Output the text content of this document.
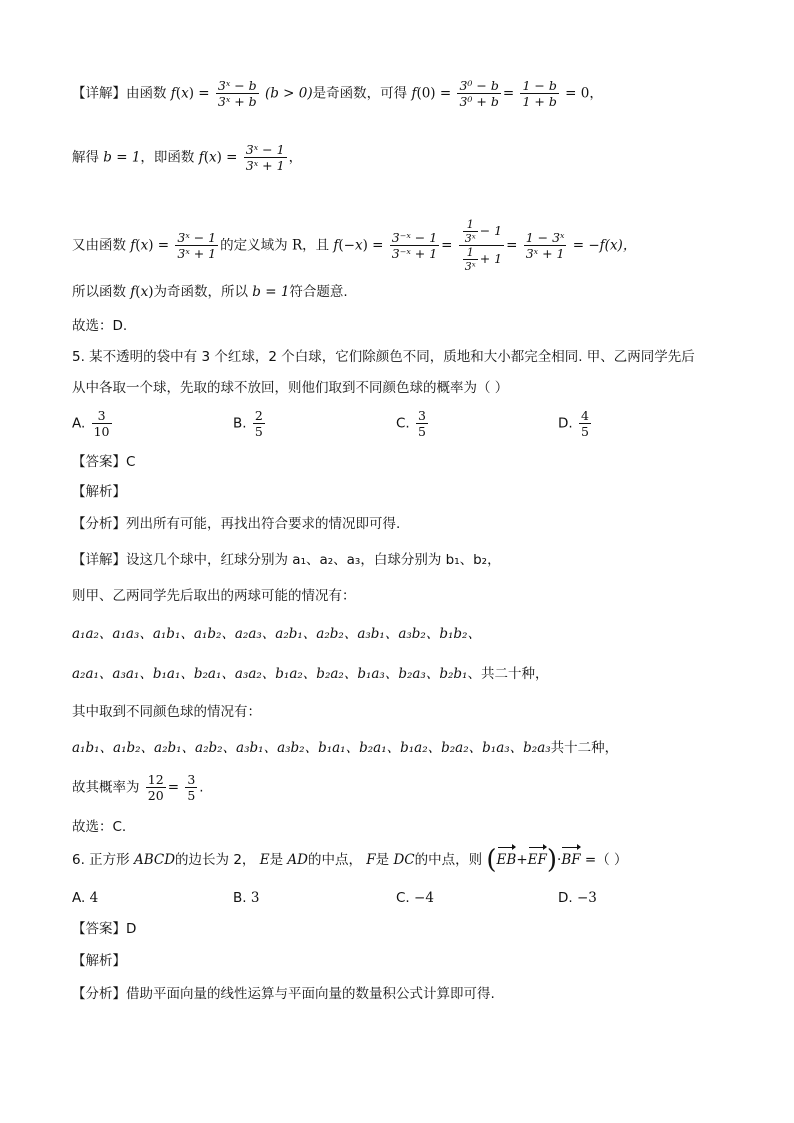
【详解】由函数 $f(x) = \frac{\text{3ˣ − b}}{\text{3ˣ + b}} (b > 0)$是奇函数，可得 $f(0) = \frac{\text{3⁰ − b}}{\text{3⁰ + b}} = \frac{1 - b}{1 + b} = 0$，
解得 b = 1，即函数 $f(x) = \frac{\text{3ˣ − 1}}{\text{3ˣ + 1}}$ ，
又由函数 $f(x) = \frac{\text{3ˣ − 1}}{\text{3ˣ + 1}}$ 的定义域为 R，且 $f(-x) = \frac{\text{3⁻ˣ − 1}}{\text{3⁻ˣ + 1}} = \frac{\frac{1}{\text{3ˣ}} - 1}{\frac{1}{\text{3ˣ}} + 1} = \frac{\text{1 − 3ˣ}}{\text{3ˣ + 1}} = -f(x)$，
所以函数 f(x)为奇函数，所以 b = 1符合题意.
故选：D.
5. 某不透明的袋中有 3 个红球，2 个白球，它们除颜色不同，质地和大小都完全相同. 甲、乙两同学先后
从中各取一个球，先取的球不放回，则他们取到不同颜色球的概率为（ ）
A. $\frac{3}{10}$	B. $\frac{2}{5}$	C. $\frac{3}{5}$	D. $\frac{4}{5}$
【答案】C
【解析】
【分析】列出所有可能，再找出符合要求的情况即可得.
【详解】设这几个球中，红球分别为 a₁、a₂、a₃，白球分别为 b₁、b₂，
则甲、乙两同学先后取出的两球可能的情况有：
a₁a₂、a₁a₃、a₁b₁、a₁b₂、a₂a₃、a₂b₁、a₂b₂、a₃b₁、a₃b₂、b₁b₂、
a₂a₁、a₃a₁、b₁a₁、b₂a₁、a₃a₂、b₁a₂、b₂a₂、b₁a₃、b₂a₃、b₂b₁、共二十种，
其中取到不同颜色球的情况有：
a₁b₁、a₁b₂、a₂b₁、a₂b₂、a₃b₁、a₃b₂、b₁a₁、b₂a₁、b₁a₂、b₂a₂、b₁a₃、b₂a₃共十二种，
故其概率为 $\frac{12}{20} = \frac{3}{5}$ .
故选：C.
6. 正方形 ABCD的边长为 2， E是 AD的中点， F是 DC的中点，则 (EB+EF)·BF =（ ）
A. 4	B. 3	C. −4	D. −3
【答案】D
【解析】
【分析】借助平面向量的线性运算与平面向量的数量积公式计算即可得.
